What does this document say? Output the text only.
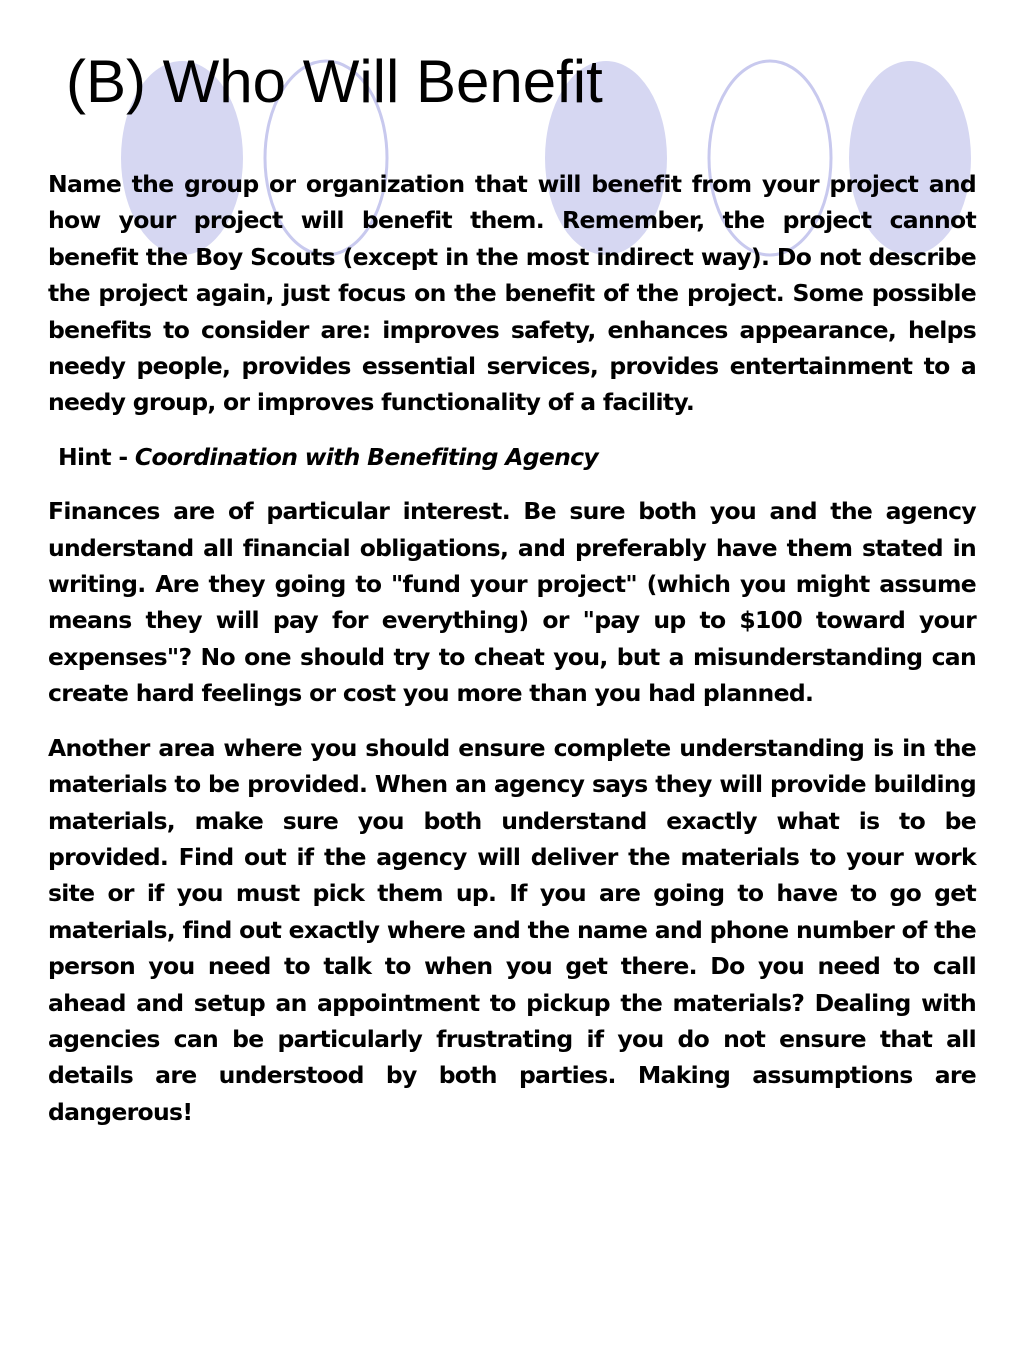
(B) Who Will Benefit

Name the group or organization that will benefit from your project and how your project will benefit them. Remember, the project cannot benefit the Boy Scouts (except in the most indirect way). Do not describe the project again, just focus on the benefit of the project. Some possible benefits to consider are: improves safety, enhances appearance, helps needy people, provides essential services, provides entertainment to a needy group, or improves functionality of a facility.

Hint - Coordination with Benefiting Agency

Finances are of particular interest. Be sure both you and the agency understand all financial obligations, and preferably have them stated in writing. Are they going to "fund your project" (which you might assume means they will pay for everything) or "pay up to $100 toward your expenses"? No one should try to cheat you, but a misunderstanding can create hard feelings or cost you more than you had planned.

Another area where you should ensure complete understanding is in the materials to be provided. When an agency says they will provide building materials, make sure you both understand exactly what is to be provided. Find out if the agency will deliver the materials to your work site or if you must pick them up. If you are going to have to go get materials, find out exactly where and the name and phone number of the person you need to talk to when you get there. Do you need to call ahead and setup an appointment to pickup the materials? Dealing with agencies can be particularly frustrating if you do not ensure that all details are understood by both parties. Making assumptions are dangerous!
